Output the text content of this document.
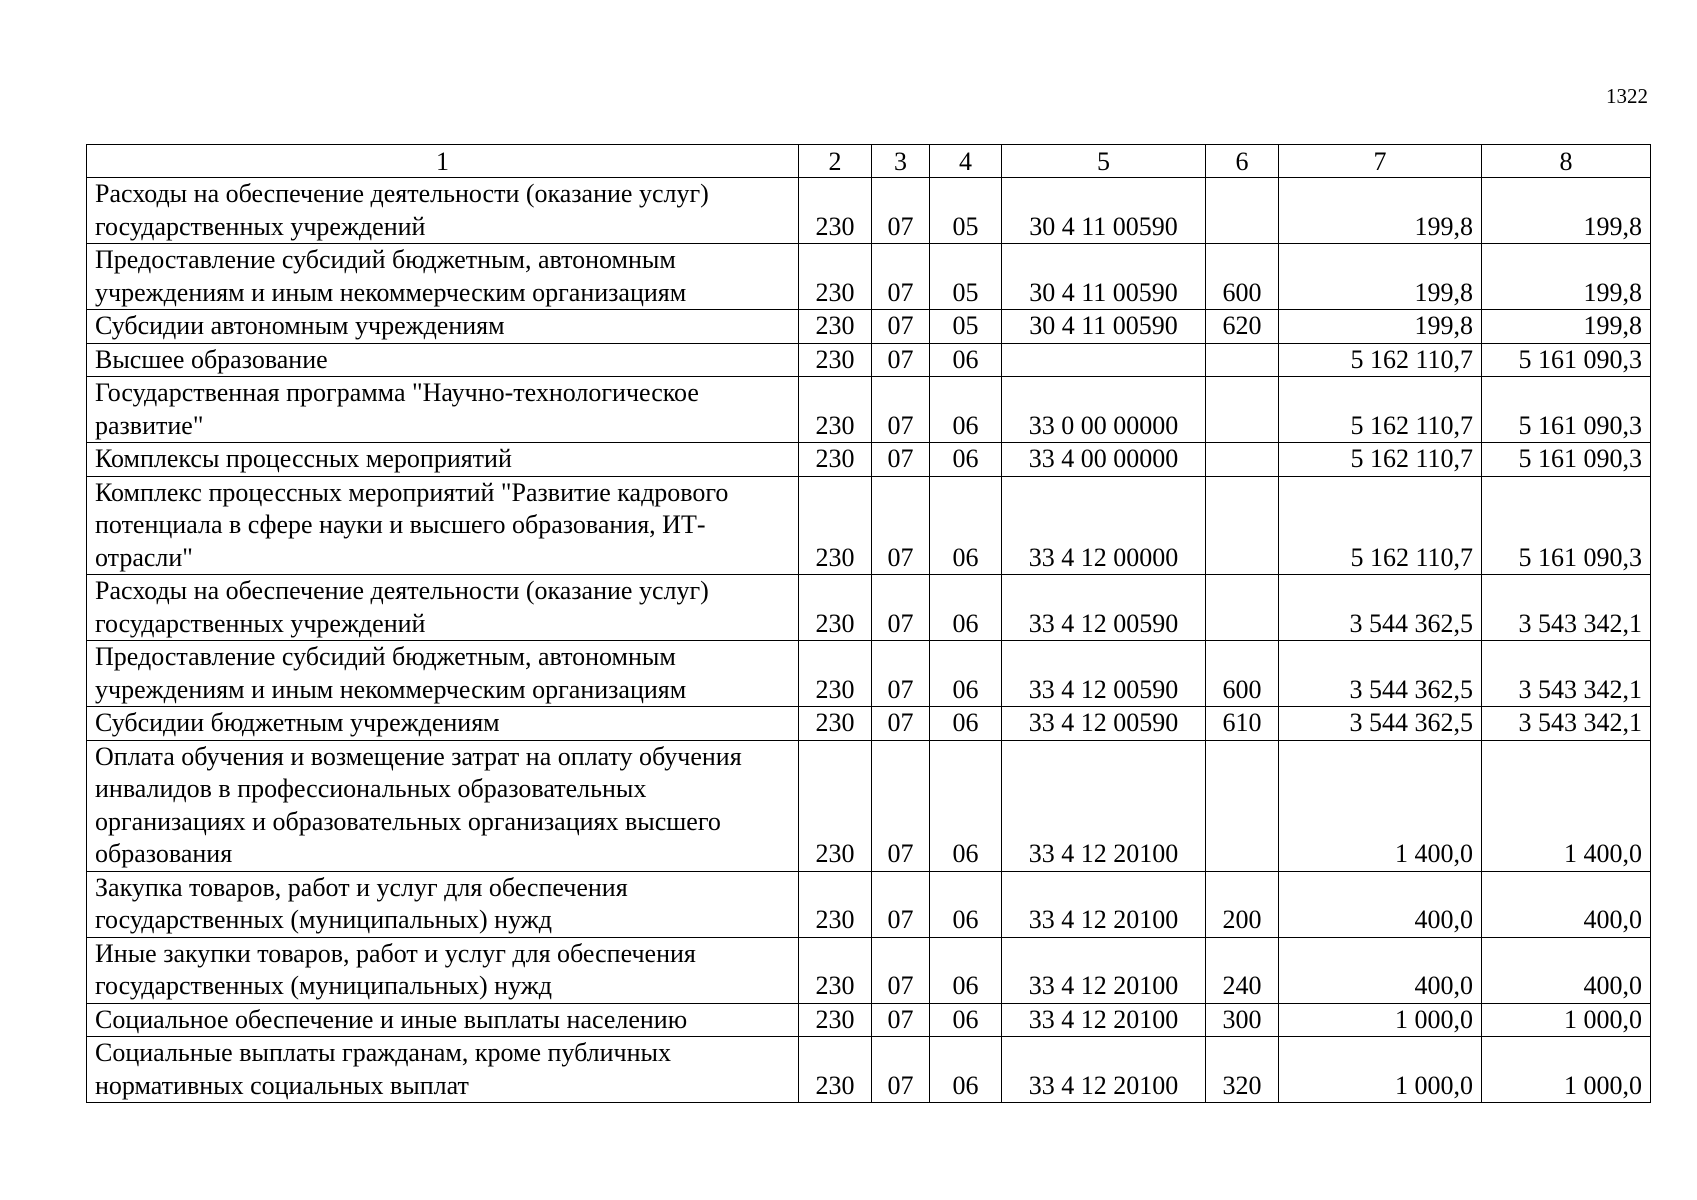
1322
1	2	3	4	5	6	7	8
Расходы на обеспечение деятельности (оказание услуг) государственных учреждений	230	07	05	30 4 11 00590		199,8	199,8
Предоставление субсидий бюджетным, автономным учреждениям и иным некоммерческим организациям	230	07	05	30 4 11 00590	600	199,8	199,8
Субсидии автономным учреждениям	230	07	05	30 4 11 00590	620	199,8	199,8
Высшее образование	230	07	06			5 162 110,7	5 161 090,3
Государственная программа "Научно-технологическое развитие"	230	07	06	33 0 00 00000		5 162 110,7	5 161 090,3
Комплексы процессных мероприятий	230	07	06	33 4 00 00000		5 162 110,7	5 161 090,3
Комплекс процессных мероприятий "Развитие кадрового потенциала в сфере науки и высшего образования, ИТ-отрасли"	230	07	06	33 4 12 00000		5 162 110,7	5 161 090,3
Расходы на обеспечение деятельности (оказание услуг) государственных учреждений	230	07	06	33 4 12 00590		3 544 362,5	3 543 342,1
Предоставление субсидий бюджетным, автономным учреждениям и иным некоммерческим организациям	230	07	06	33 4 12 00590	600	3 544 362,5	3 543 342,1
Субсидии бюджетным учреждениям	230	07	06	33 4 12 00590	610	3 544 362,5	3 543 342,1
Оплата обучения и возмещение затрат на оплату обучения инвалидов в профессиональных образовательных организациях и образовательных организациях высшего образования	230	07	06	33 4 12 20100		1 400,0	1 400,0
Закупка товаров, работ и услуг для обеспечения государственных (муниципальных) нужд	230	07	06	33 4 12 20100	200	400,0	400,0
Иные закупки товаров, работ и услуг для обеспечения государственных (муниципальных) нужд	230	07	06	33 4 12 20100	240	400,0	400,0
Социальное обеспечение и иные выплаты населению	230	07	06	33 4 12 20100	300	1 000,0	1 000,0
Социальные выплаты гражданам, кроме публичных нормативных социальных выплат	230	07	06	33 4 12 20100	320	1 000,0	1 000,0
